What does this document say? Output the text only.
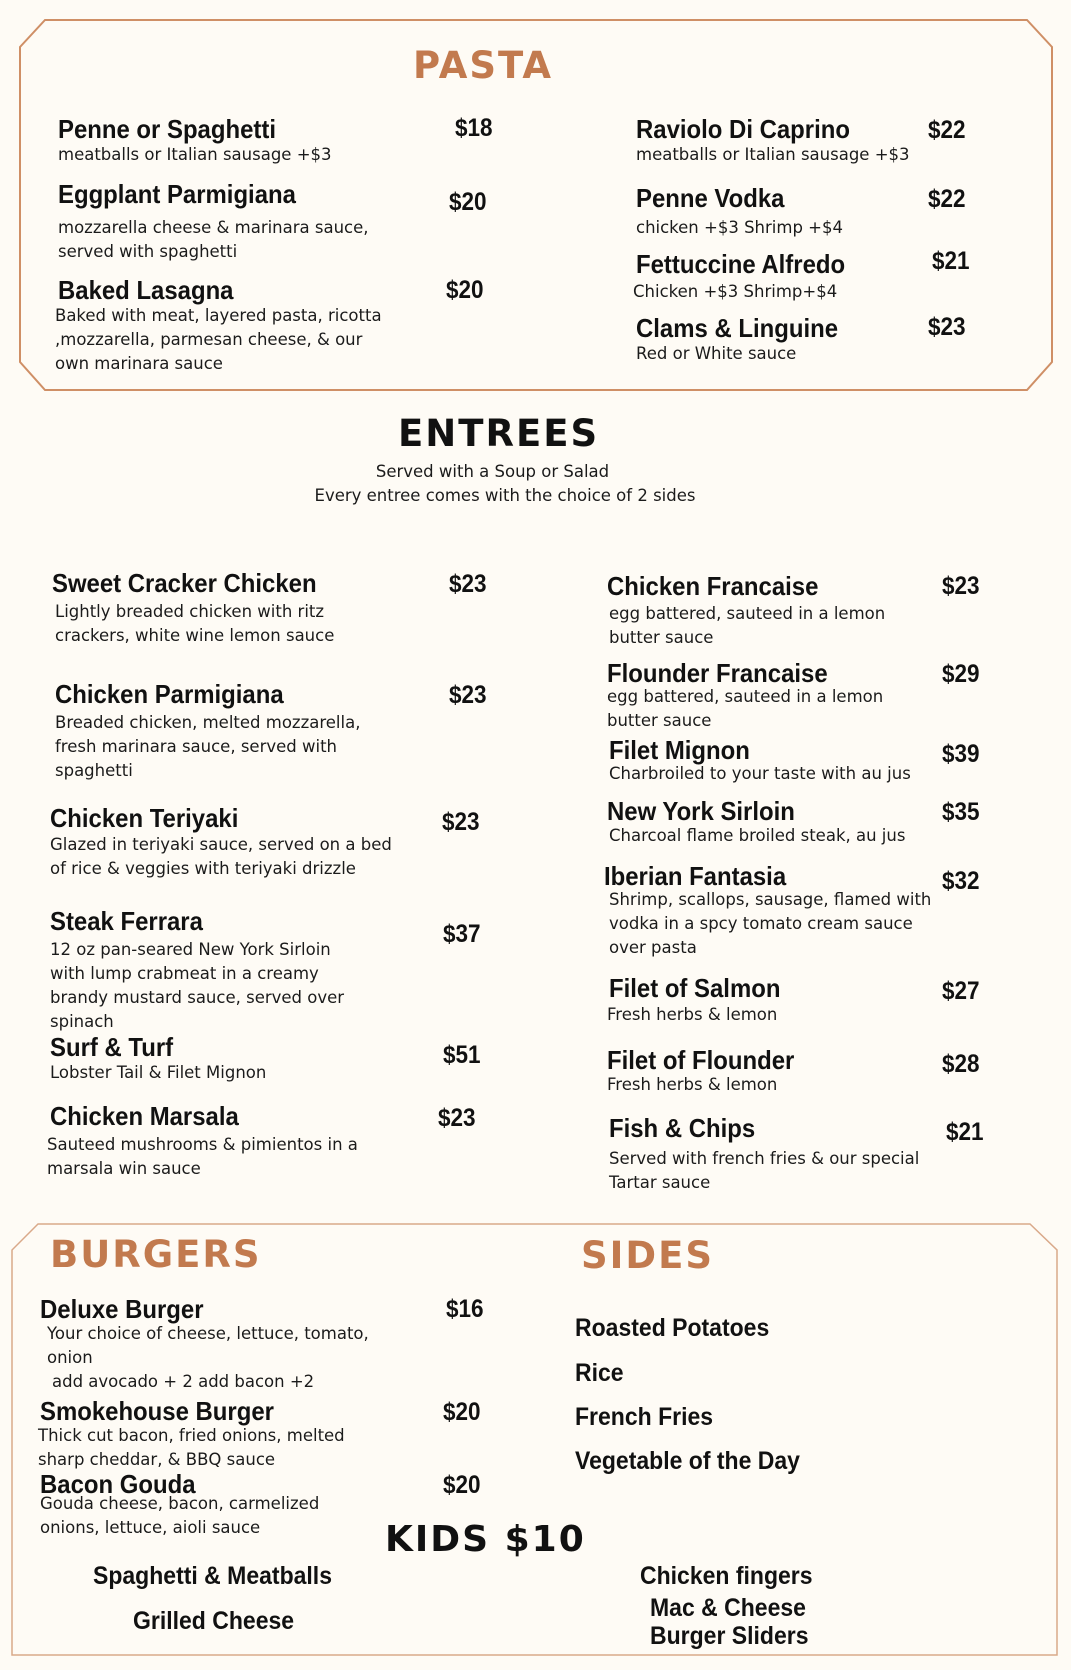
PASTA
Penne or Spaghetti
meatballs or Italian sausage +$3
$18
Eggplant Parmigiana
mozzarella cheese & marinara sauce, served with spaghetti
$20
Baked Lasagna
Baked with meat, layered pasta, ricotta ,mozzarella, parmesan cheese, & our own marinara sauce
$20
Raviolo Di Caprino
meatballs or Italian sausage +$3
$22
Penne Vodka
chicken +$3 Shrimp +$4
$22
Fettuccine Alfredo
Chicken +$3 Shrimp+$4
$21
Clams & Linguine
Red or White sauce
$23
ENTREES
Served with a Soup or Salad
Every entree comes with the choice of 2 sides
Sweet Cracker Chicken
Lightly breaded chicken with ritz crackers, white wine lemon sauce
$23
Chicken Parmigiana
Breaded chicken, melted mozzarella, fresh marinara sauce, served with spaghetti
$23
Chicken Teriyaki
Glazed in teriyaki sauce, served on a bed of rice & veggies with teriyaki drizzle
$23
Steak Ferrara
12 oz pan-seared New York Sirloin with lump crabmeat in a creamy brandy mustard sauce, served over spinach
$37
Surf & Turf
Lobster Tail & Filet Mignon
$51
Chicken Marsala
Sauteed mushrooms & pimientos in a marsala win sauce
$23
Chicken Francaise
egg battered, sauteed in a lemon butter sauce
$23
Flounder Francaise
egg battered, sauteed in a lemon butter sauce
$29
Filet Mignon
Charbroiled to your taste with au jus
$39
New York Sirloin
Charcoal flame broiled steak, au jus
$35
Iberian Fantasia
Shrimp, scallops, sausage, flamed with vodka in a spcy tomato cream sauce over pasta
$32
Filet of Salmon
Fresh herbs & lemon
$27
Filet of Flounder
Fresh herbs & lemon
$28
Fish & Chips
Served with french fries & our special Tartar sauce
$21
BURGERS
Deluxe Burger
Your choice of cheese, lettuce, tomato, onion
add avocado + 2 add bacon +2
$16
Smokehouse Burger
Thick cut bacon, fried onions, melted sharp cheddar, & BBQ sauce
$20
Bacon Gouda
Gouda cheese, bacon, carmelized onions, lettuce, aioli sauce
$20
SIDES
Roasted Potatoes
Rice
French Fries
Vegetable of the Day
KIDS $10
Spaghetti & Meatballs
Grilled Cheese
Chicken fingers
Mac & Cheese
Burger Sliders
